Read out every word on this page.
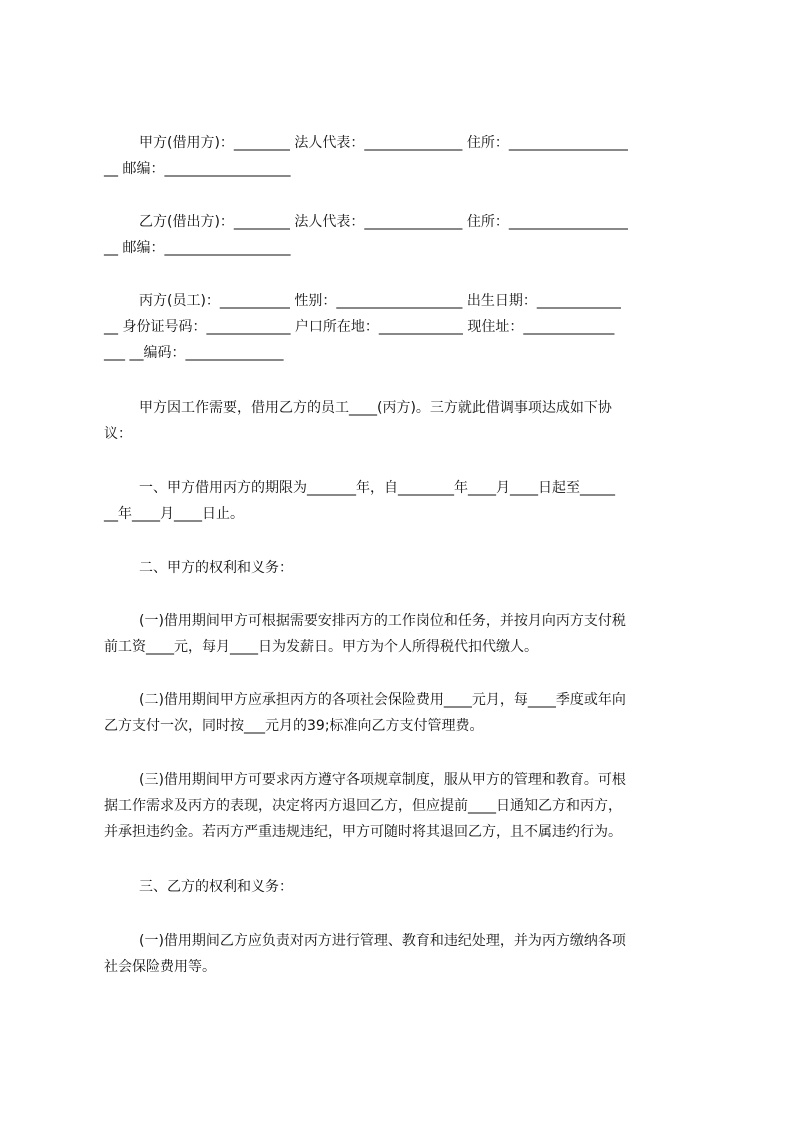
甲方(借用方)：________ 法人代表：______________ 住所：_________________
__ 邮编：__________________
乙方(借出方)：________ 法人代表：______________ 住所：_________________
__ 邮编：__________________
丙方(员工)：__________ 性别：__________________ 出生日期：____________
__ 身份证号码：____________ 户口所在地：____________ 现住址：_____________
___ __编码：______________
甲方因工作需要，借用乙方的员工____(丙方)。三方就此借调事项达成如下协
议：
一、甲方借用丙方的期限为_______年，自________年____月____日起至_____
__年____月____日止。
二、甲方的权利和义务：
(一)借用期间甲方可根据需要安排丙方的工作岗位和任务，并按月向丙方支付税
前工资____元，每月____日为发薪日。甲方为个人所得税代扣代缴人。
(二)借用期间甲方应承担丙方的各项社会保险费用____元月，每____季度或年向
乙方支付一次，同时按___元月的39;标准向乙方支付管理费。
(三)借用期间甲方可要求丙方遵守各项规章制度，服从甲方的管理和教育。可根
据工作需求及丙方的表现，决定将丙方退回乙方，但应提前____日通知乙方和丙方，
并承担违约金。若丙方严重违规违纪，甲方可随时将其退回乙方，且不属违约行为。
三、乙方的权利和义务：
(一)借用期间乙方应负责对丙方进行管理、教育和违纪处理，并为丙方缴纳各项
社会保险费用等。
